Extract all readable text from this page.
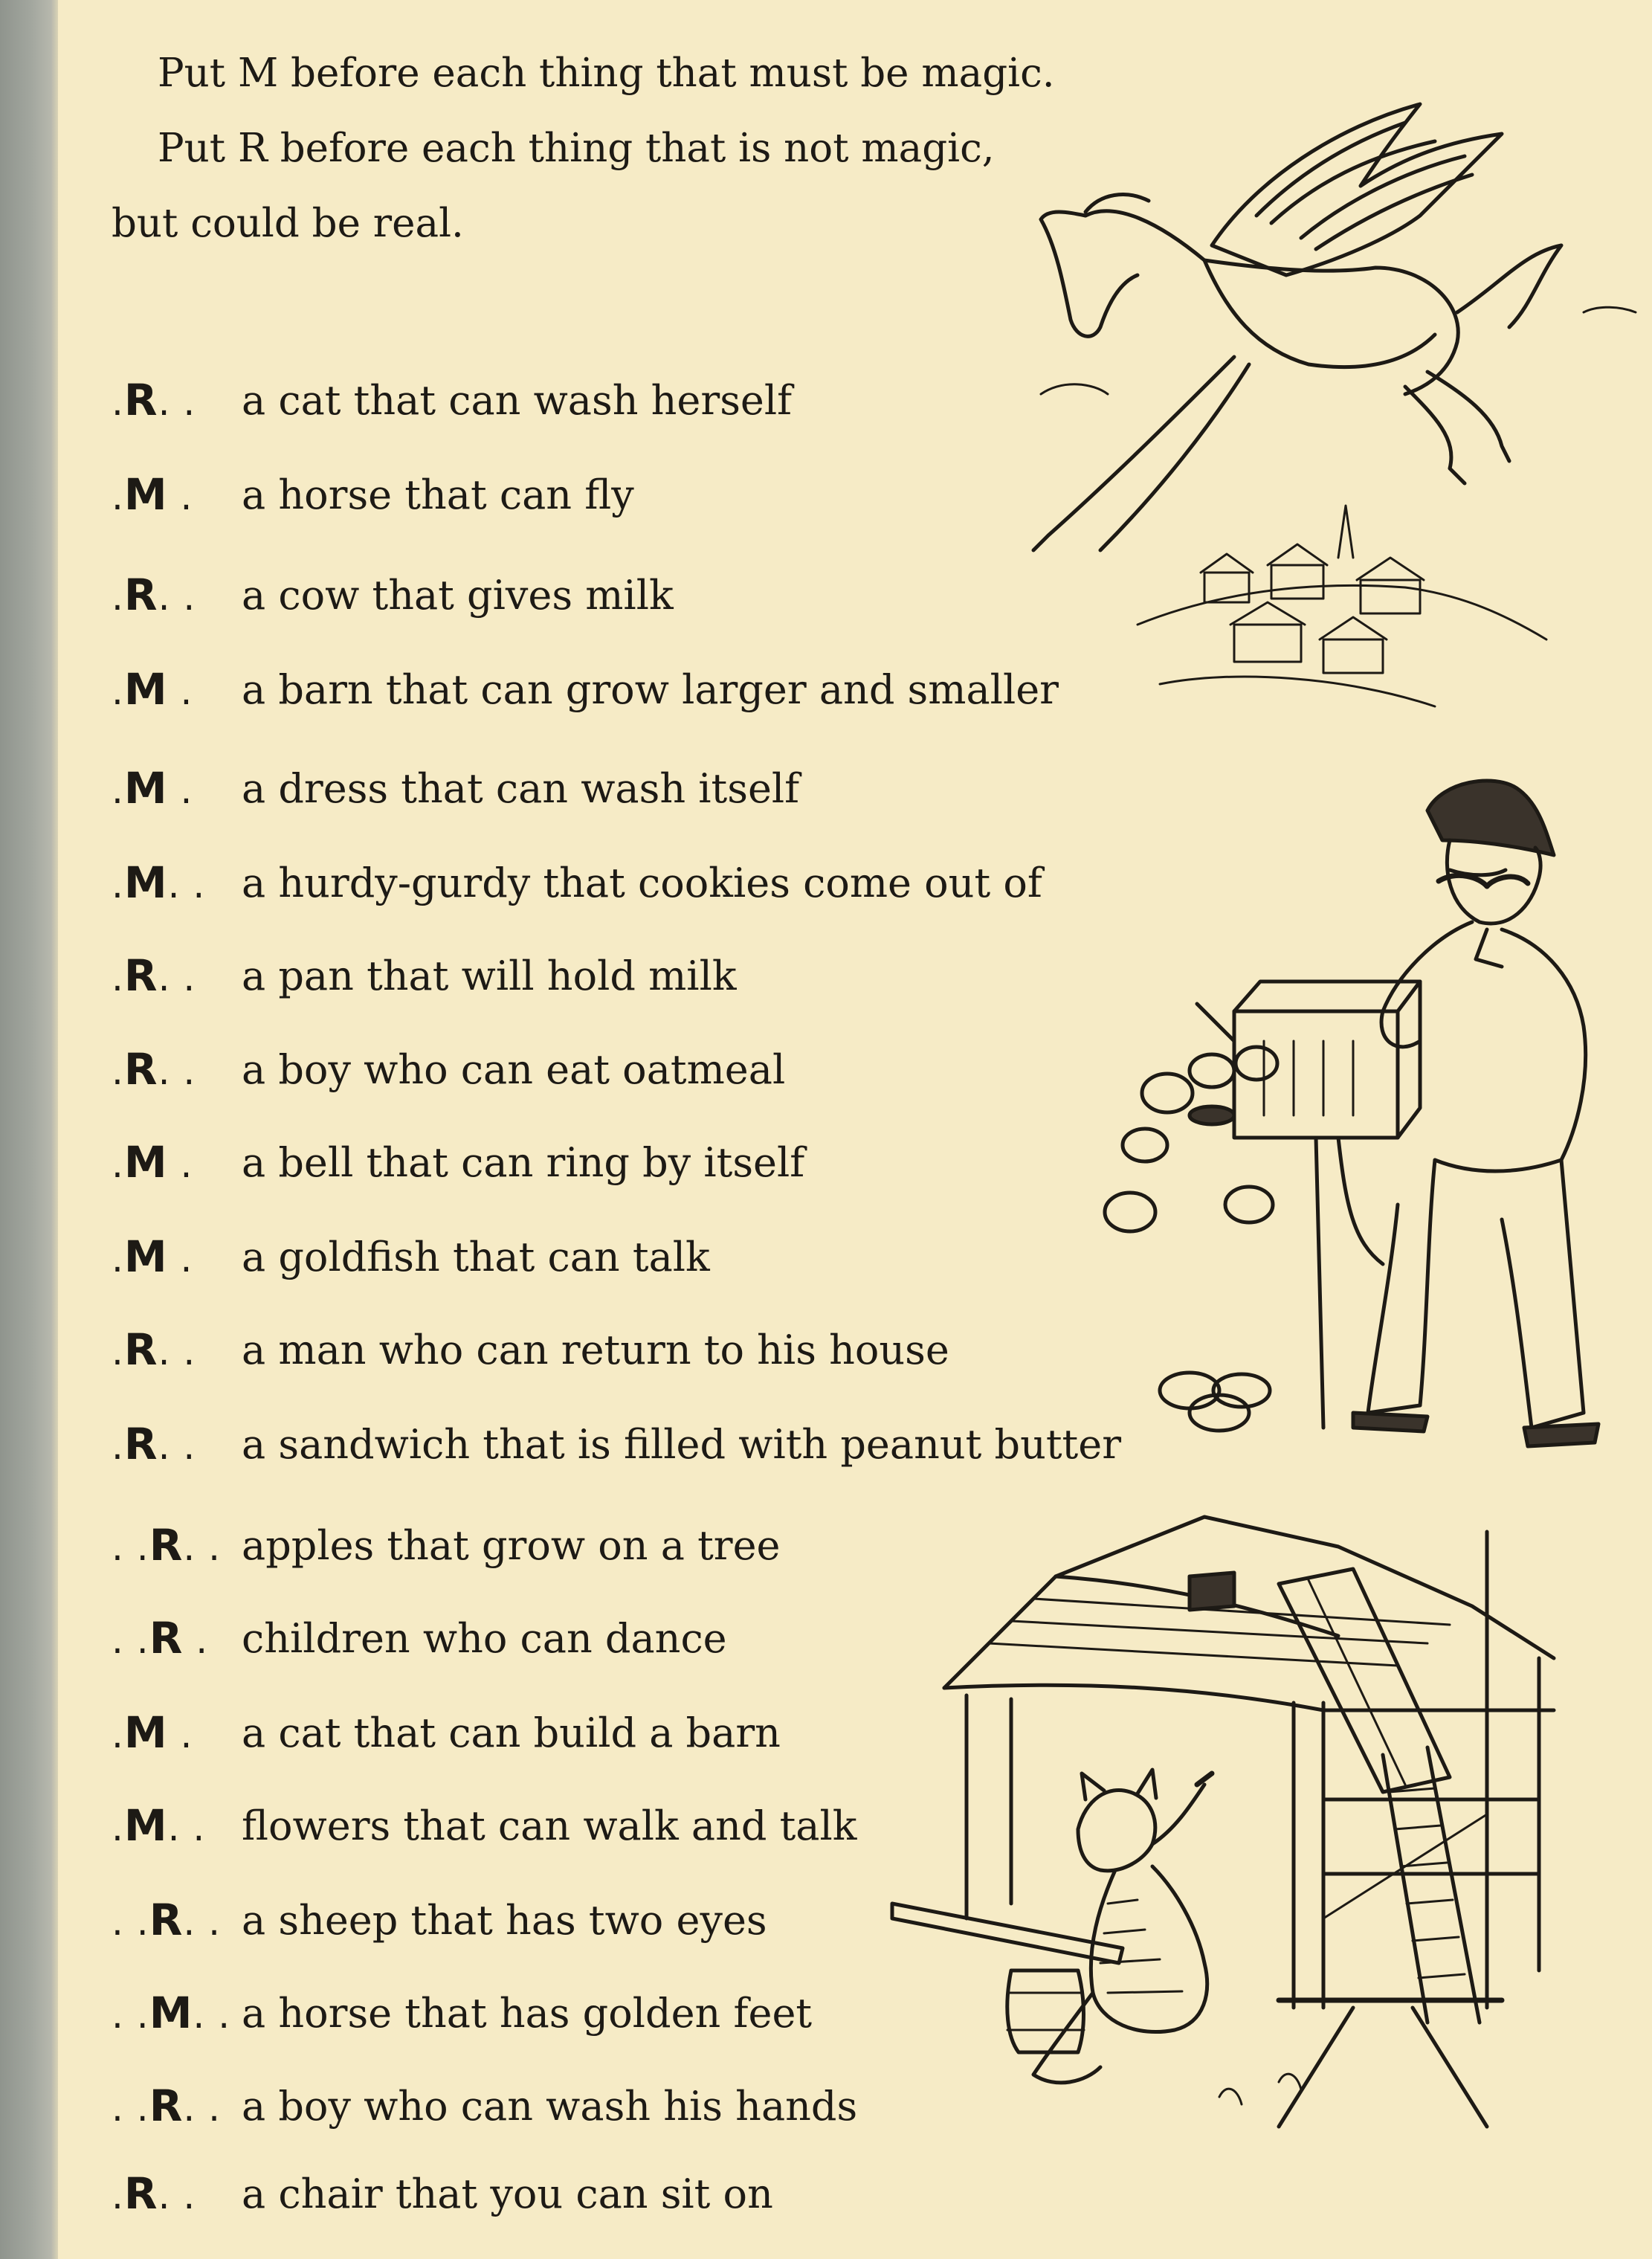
Put M before each thing that must be magic.
Put R before each thing that is not magic,
but could be real.
.R. .	a cat that can wash herself
.M .	a horse that can fly
.R. .	a cow that gives milk
.M .	a barn that can grow larger and smaller
.M .	a dress that can wash itself
.M. . a hurdy-gurdy that cookies come out of
.R. .	a pan that will hold milk
.R. .	a boy who can eat oatmeal
.M .	a bell that can ring by itself
.M .	a goldfish that can talk
.R. .	a man who can return to his house
.R. .	a sandwich that is filled with peanut butter
. .R. . apples that grow on a tree
. .R . children who can dance
.M .	a cat that can build a barn
.M. . flowers that can walk and talk
. .R. . a sheep that has two eyes
. .M. . a horse that has golden feet
. .R. . a boy who can wash his hands
.R. .	a chair that you can sit on
